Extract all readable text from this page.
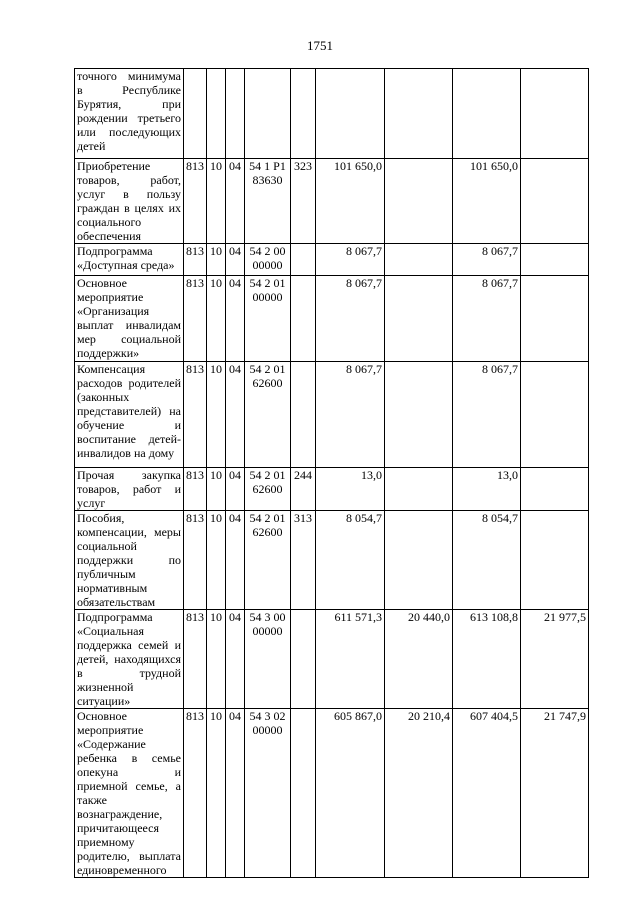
1751
точного минимума в Республике Бурятия, при рождении третьего или последующих детей									
Приобретение товаров, работ, услуг в пользу граждан в целях их социального обеспечения	813	10	04	54 1 P1 83630	323	101 650,0		101 650,0	
Подпрограмма «Доступная среда»	813	10	04	54 2 00 00000		8 067,7		8 067,7	
Основное мероприятие «Организация выплат инвалидам мер социальной поддержки»	813	10	04	54 2 01 00000		8 067,7		8 067,7	
Компенсация расходов родителей (законных представителей) на обучение и воспитание детей-инвалидов на дому	813	10	04	54 2 01 62600		8 067,7		8 067,7	
Прочая закупка товаров, работ и услуг	813	10	04	54 2 01 62600	244	13,0		13,0	
Пособия, компенсации, меры социальной поддержки по публичным нормативным обязательствам	813	10	04	54 2 01 62600	313	8 054,7		8 054,7	
Подпрограмма «Социальная поддержка семей и детей, находящихся в трудной жизненной ситуации»	813	10	04	54 3 00 00000		611 571,3	20 440,0	613 108,8	21 977,5
Основное мероприятие «Содержание ребенка в семье опекуна и приемной семье, а также вознаграждение, причитающееся приемному родителю, выплата единовременного	813	10	04	54 3 02 00000		605 867,0	20 210,4	607 404,5	21 747,9
